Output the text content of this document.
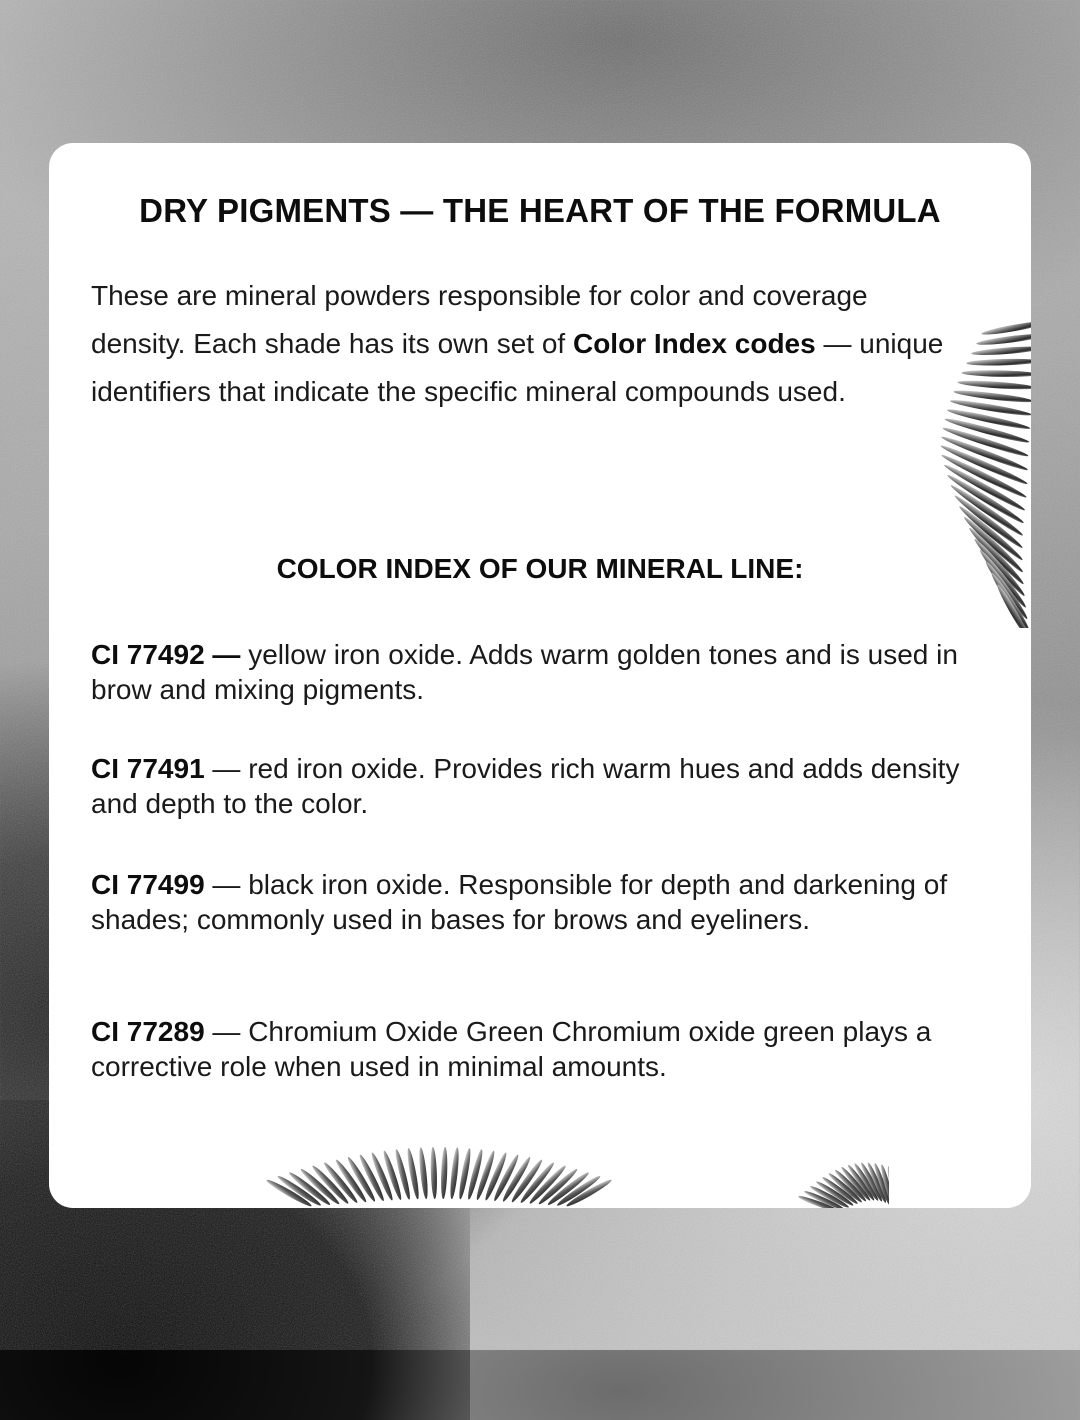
DRY PIGMENTS — THE HEART OF THE FORMULA

These are mineral powders responsible for color and coverage density. Each shade has its own set of Color Index codes — unique identifiers that indicate the specific mineral compounds used.

COLOR INDEX OF OUR MINERAL LINE:

CI 77492 — yellow iron oxide. Adds warm golden tones and is used in brow and mixing pigments.

CI 77491 — red iron oxide. Provides rich warm hues and adds density and depth to the color.

CI 77499 — black iron oxide. Responsible for depth and darkening of shades; commonly used in bases for brows and eyeliners.

CI 77289 — Chromium Oxide Green Chromium oxide green plays a corrective role when used in minimal amounts.
